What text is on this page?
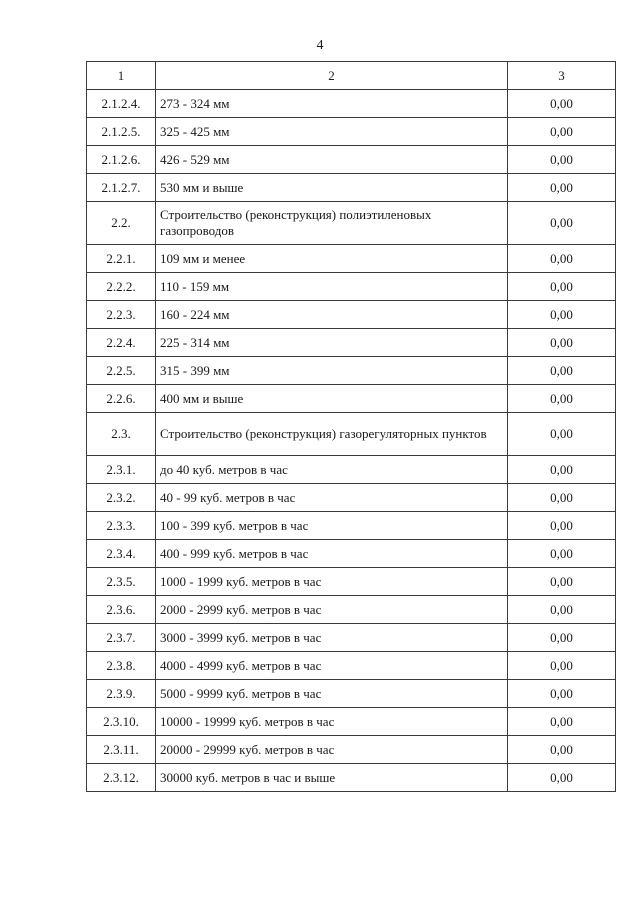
4
1	2	3
2.1.2.4.	273 - 324 мм	0,00
2.1.2.5.	325 - 425 мм	0,00
2.1.2.6.	426 - 529 мм	0,00
2.1.2.7.	530 мм и выше	0,00
2.2.	Строительство (реконструкция) полиэтиленовых газопроводов	0,00
2.2.1.	109 мм и менее	0,00
2.2.2.	110 - 159 мм	0,00
2.2.3.	160 - 224 мм	0,00
2.2.4.	225 - 314 мм	0,00
2.2.5.	315 - 399 мм	0,00
2.2.6.	400 мм и выше	0,00
2.3.	Строительство (реконструкция) газорегуляторных пунктов	0,00
2.3.1.	до 40 куб. метров в час	0,00
2.3.2.	40 - 99 куб. метров в час	0,00
2.3.3.	100 - 399 куб. метров в час	0,00
2.3.4.	400 - 999 куб. метров в час	0,00
2.3.5.	1000 - 1999 куб. метров в час	0,00
2.3.6.	2000 - 2999 куб. метров в час	0,00
2.3.7.	3000 - 3999 куб. метров в час	0,00
2.3.8.	4000 - 4999 куб. метров в час	0,00
2.3.9.	5000 - 9999 куб. метров в час	0,00
2.3.10.	10000 - 19999 куб. метров в час	0,00
2.3.11.	20000 - 29999 куб. метров в час	0,00
2.3.12.	30000 куб. метров в час и выше	0,00
